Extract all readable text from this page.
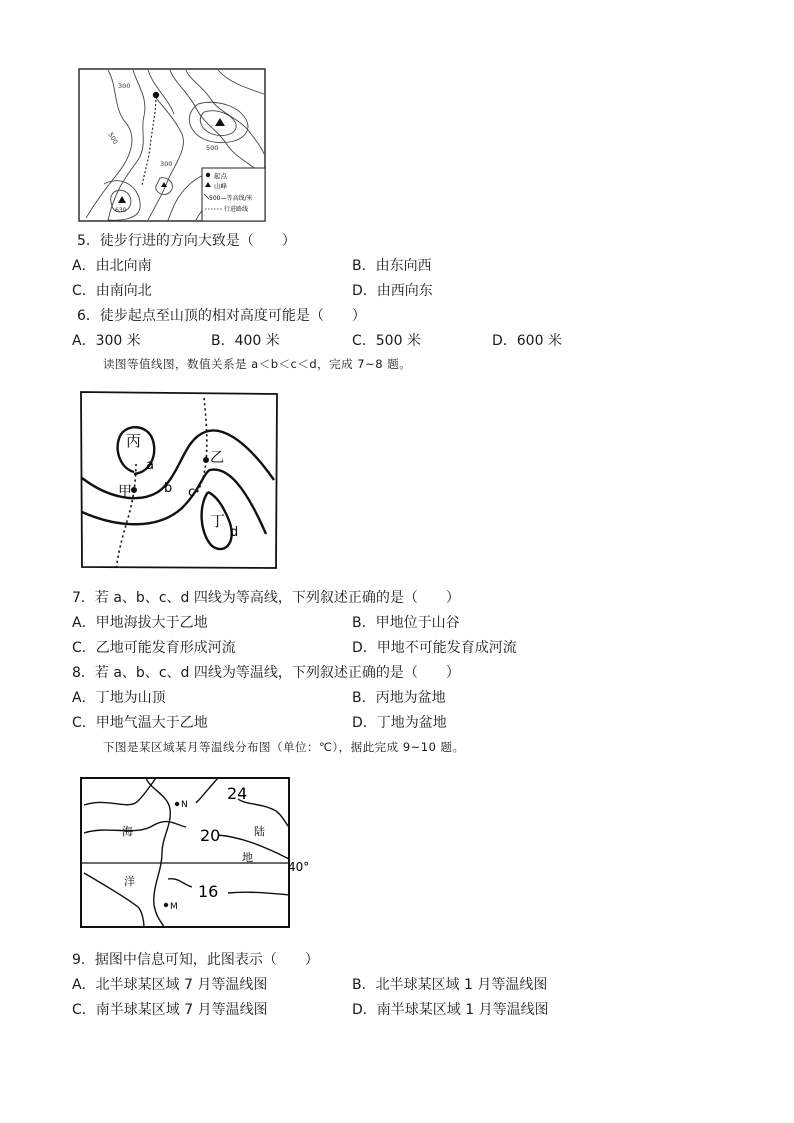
300
300
500
500
630
起点
山峰
500—等高线/米
行进路线
5．徒步行进的方向大致是（　　）
A．由北向南	B．由东向西
C．由南向北	D．由西向东
6．徒步起点至山顶的相对高度可能是（　　）
A．300 米	B．400 米	C．500 米	D．600 米
读图等值线图，数值关系是 a＜b＜c＜d，完成 7~8 题。
丙
a	乙
甲 b c
丁
d
7．若 a、b、c、d 四线为等高线，下列叙述正确的是（　　）
A．甲地海拔大于乙地	B．甲地位于山谷
C．乙地可能发育形成河流	D．甲地不可能发育成河流
8．若 a、b、c、d 四线为等温线，下列叙述正确的是（　　）
A．丁地为山顶	B．丙地为盆地
C．甲地气温大于乙地	D．丁地为盆地
下图是某区域某月等温线分布图（单位：℃），据此完成 9~10 题。
N
M
24
20
16
40°
海
洋
陆
地
9．据图中信息可知，此图表示（　　）
A．北半球某区域 7 月等温线图	B．北半球某区域 1 月等温线图
C．南半球某区域 7 月等温线图	D．南半球某区域 1 月等温线图
